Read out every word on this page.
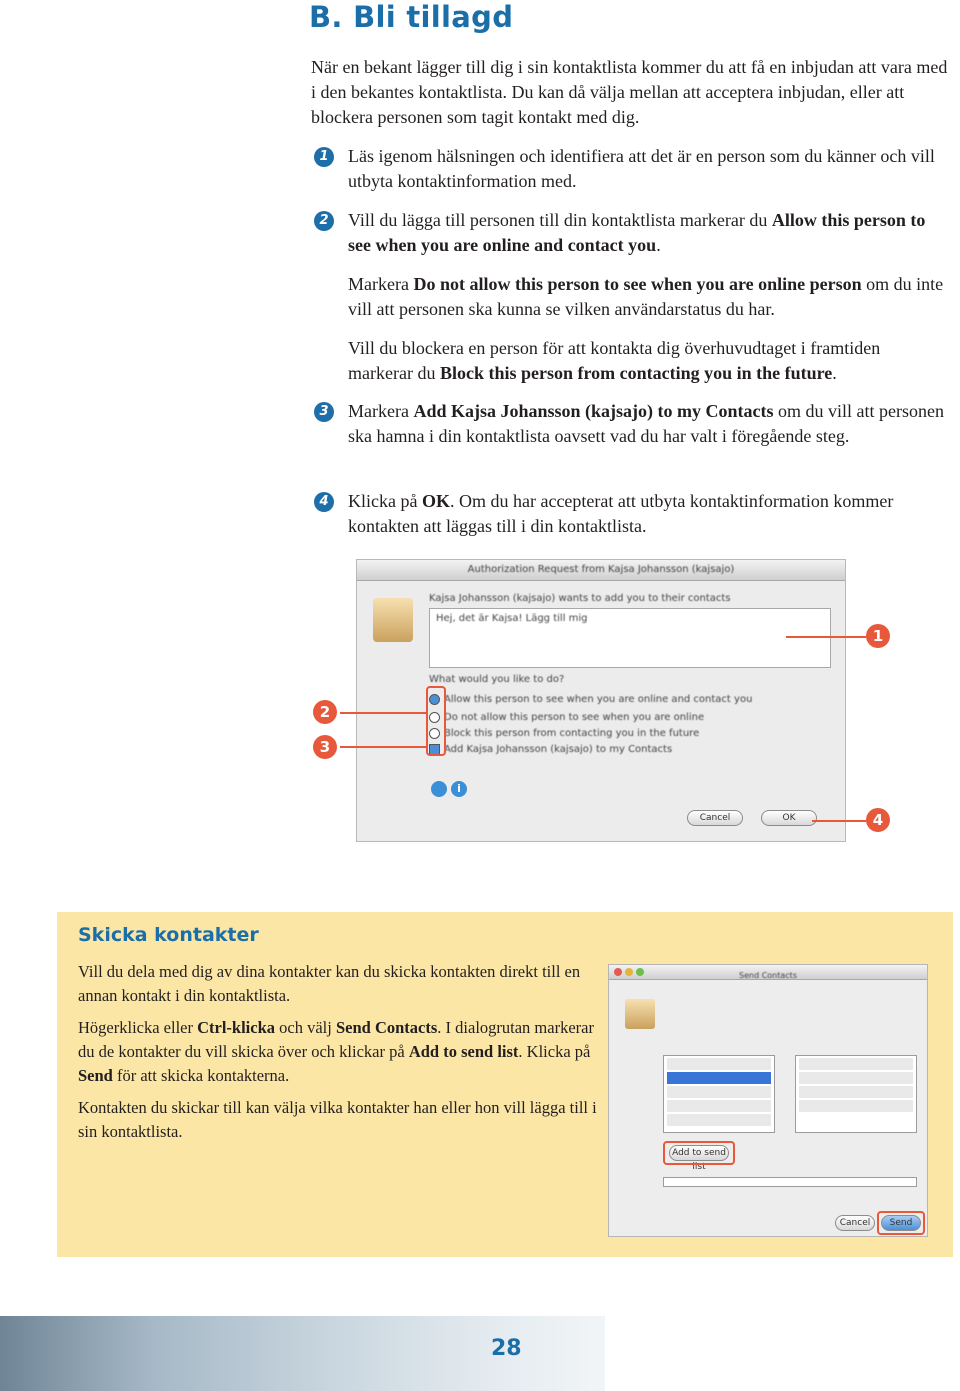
B. Bli tillagd

När en bekant lägger till dig i sin kontaktlista kommer du att få en inbjudan att vara med i den bekantes kontaktlista. Du kan då välja mellan att acceptera inbjudan, eller att blockera personen som tagit kontakt med dig.

1	Läs igenom hälsningen och identifiera att det är en person som du känner och vill utbyta kontaktinformation med.

2	Vill du lägga till personen till din kontaktlista markerar du Allow this person to see when you are online and contact you.

Markera Do not allow this person to see when you are online person om du inte vill att personen ska kunna se vilken användarstatus du har.

Vill du blockera en person för att kontakta dig överhuvudtaget i framtiden markerar du Block this person from contacting you in the future.

3	Markera Add Kajsa Johansson (kajsajo) to my Contacts om du vill att personen ska hamna i din kontaktlista oavsett vad du har valt i föregående steg.

4	Klicka på OK. Om du har accepterat att utbyta kontaktinformation kommer kontakten att läggas till i din kontaktlista.

Authorization Request from Kajsa Johansson (kajsajo)
Kajsa Johansson (kajsajo) wants to add you to their contacts
Hej, det är Kajsa! Lägg till mig
What would you like to do?
Allow this person to see when you are online and contact you
Do not allow this person to see when you are online
Block this person from contacting you in the future
Add Kajsa Johansson (kajsajo) to my Contacts
i
Cancel	OK
1
2
3
4
Skicka kontakter

Vill du dela med dig av dina kontakter kan du skicka kontakten direkt till en annan kontakt i din kontaktlista.

Högerklicka eller Ctrl-klicka och välj Send Contacts. I dialogrutan markerar du de kontakter du vill skicka över och klickar på Add to send list. Klicka på Send för att skicka kontakterna.

Kontakten du skickar till kan välja vilka kontakter han eller hon vill lägga till i sin kontaktlista.

Send Contacts
Add to send list
Cancel	Send
28
